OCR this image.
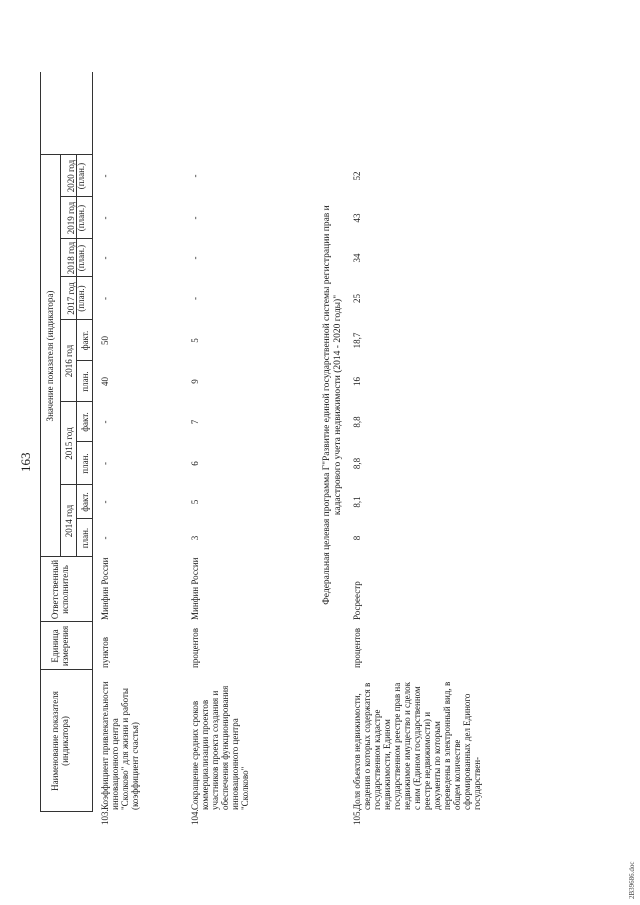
163
Наименование показателя (индикатора)
Единица измерения
Ответственный исполнитель
Значение показателя (индикатора)
2014 год
2015 год
2016 год
2017 год (план.)
2018 год (план.)
2019 год (план.)
2020 год (план.)
план.
факт.
план.
факт.
план.
факт.
103.
Коэффициент привлекательности инновационного центра "Сколково" для жизни и работы (коэффициент счастья)
пунктов
Минфин России
-
-
-
-
40
50
-
-
-
-
104.
Сокращение средних сроков коммерциализации проектов участников проекта создания и обеспечения функционирования инновационного центра "Сколково"
процентов
Минфин России
3
5
6
7
9
5
-
-
-
-
Федеральная целевая программа Г"Развитие единой государственной системы регистрации прав и кадастрового учета недвижимости (2014 - 2020 годы)"
105.
Доля объектов недвижимости, сведения о которых содержатся в государственном кадастре недвижимости, Едином государственном реестре прав на недвижимое имущество и сделок с ним (Едином государственном реестре недвижимости) и документы по которым переведены в электронный вид, в общем количестве сформированных дел Единого государствен-
процентов
Росреестр
8
8,1
8,8
8,8
16
18,7
25
34
43
52
2B39686.doc
